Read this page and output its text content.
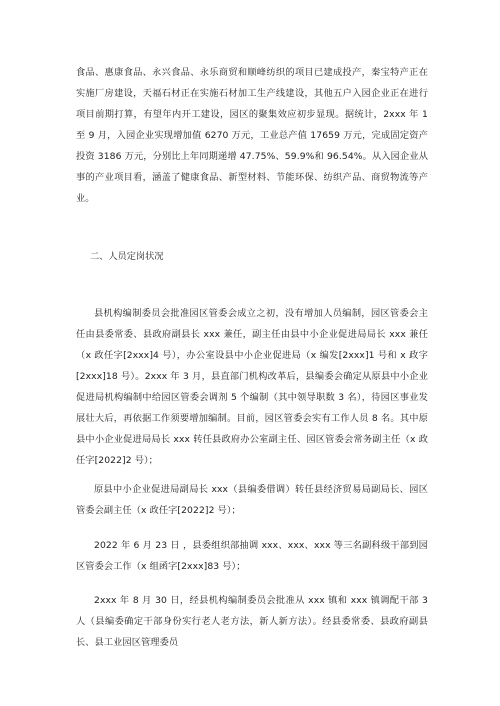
食品、惠康食品、永兴食品、永乐商贸和顺峰纺织的项目已建成投产，秦宝特产正在实施厂房建设，天福石材正在实施石材加工生产线建设，其他五户入园企业正在进行项目前期打算，有望年内开工建设，园区的聚集效应初步显现。据统计，2xxx 年 1 至 9 月，入园企业实现增加值 6270 万元，工业总产值 17659 万元，完成固定资产投资 3186 万元，分别比上年同期递增 47.75%、59.9%和 96.54%。从入园企业从事的产业项目看，涵盖了健康食品、新型材料、节能环保、纺织产品、商贸物流等产业。

二、人员定岗状况

县机构编制委员会批准园区管委会成立之初，没有增加人员编制，园区管委会主任由县委常委、县政府副县长 xxx 兼任，副主任由县中小企业促进局局长 xxx 兼任（x 政任字[2xxx]4 号），办公室设县中小企业促进局（x 编发[2xxx]1 号和 x 政字[2xxx]18 号）。2xxx 年 3 月，县直部门机构改革后，县编委会确定从原县中小企业促进局机构编制中给园区管委会调剂 5 个编制（其中领导职数 3 名），待园区事业发展壮大后，再依据工作须要增加编制。目前，园区管委会实有工作人员 8 名。其中原县中小企业促进局局长 xxx 转任县政府办公室副主任、园区管委会常务副主任（x 政任字[2022]2 号）；

原县中小企业促进局副局长 xxx（县编委借调）转任县经济贸易局副局长、园区管委会副主任（x 政任字[2022]2 号）；

2022 年 6 月 23 日 ，县委组织部抽调 xxx、xxx、xxx 等三名副科级干部到园区管委会工作（x 组函字[2xxx]83 号）；

2xxx 年 8 月 30 日，经县机构编制委员会批准从 xxx 镇和 xxx 镇调配干部 3 人（县编委确定干部身份实行老人老方法，新人新方法）。经县委常委、县政府副县长、县工业园区管理委员
